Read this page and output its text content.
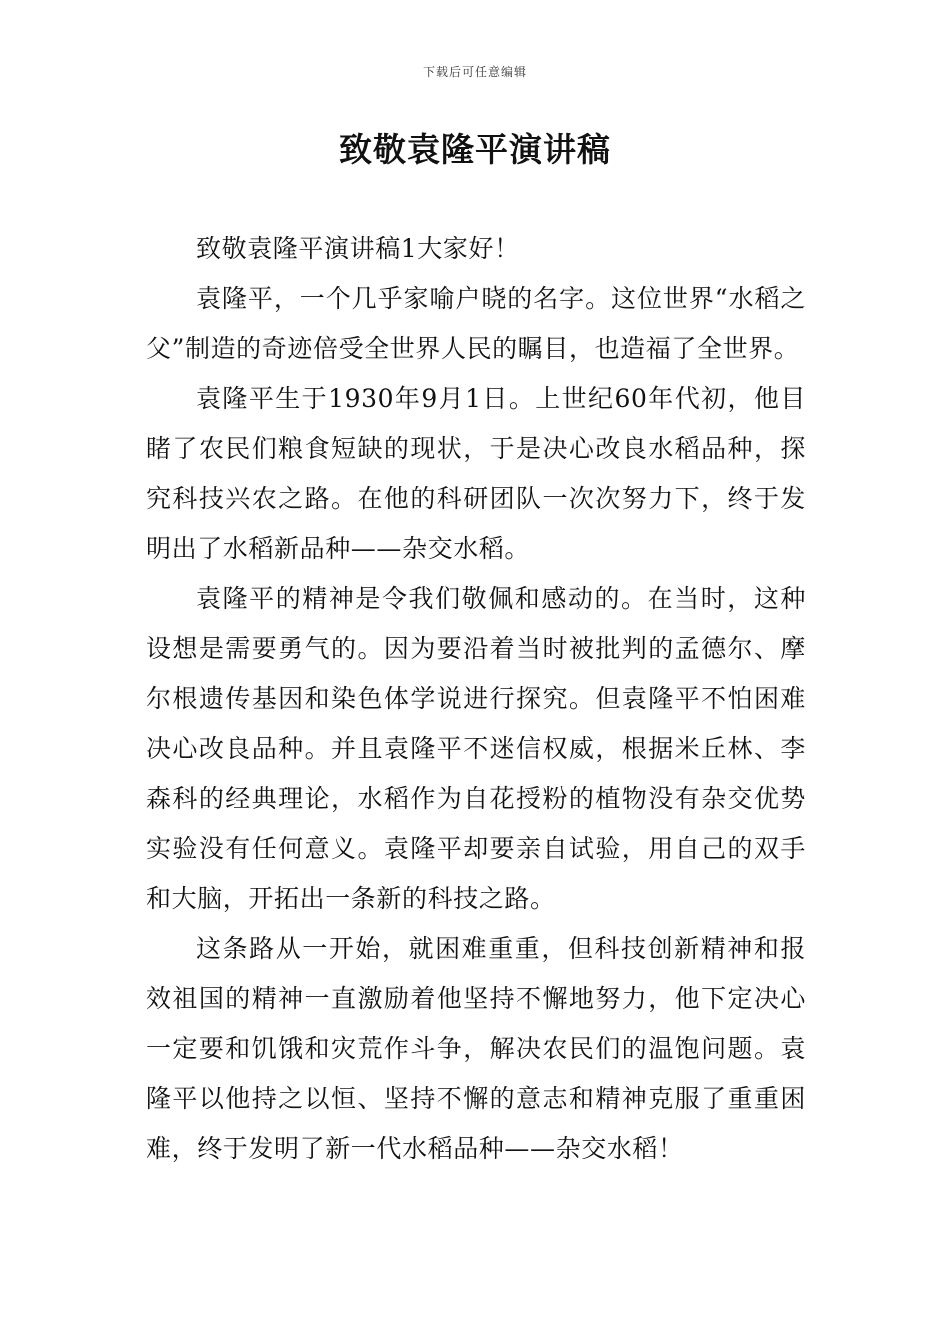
下载后可任意编辑
致敬袁隆平演讲稿

致敬袁隆平演讲稿1大家好！

袁隆平，一个几乎家喻户晓的名字。这位世界“水稻之父”制造的奇迹倍受全世界人民的瞩目，也造福了全世界。

袁隆平生于1930年9月1日。上世纪60年代初，他目睹了农民们粮食短缺的现状，于是决心改良水稻品种，探究科技兴农之路。在他的科研团队一次次努力下，终于发明出了水稻新品种——杂交水稻。

袁隆平的精神是令我们敬佩和感动的。在当时，这种设想是需要勇气的。因为要沿着当时被批判的孟德尔、摩尔根遗传基因和染色体学说进行探究。但袁隆平不怕困难决心改良品种。并且袁隆平不迷信权威，根据米丘林、李森科的经典理论，水稻作为自花授粉的植物没有杂交优势实验没有任何意义。袁隆平却要亲自试验，用自己的双手和大脑，开拓出一条新的科技之路。

这条路从一开始，就困难重重，但科技创新精神和报效祖国的精神一直激励着他坚持不懈地努力，他下定决心一定要和饥饿和灾荒作斗争，解决农民们的温饱问题。袁隆平以他持之以恒、坚持不懈的意志和精神克服了重重困难，终于发明了新一代水稻品种——杂交水稻！
